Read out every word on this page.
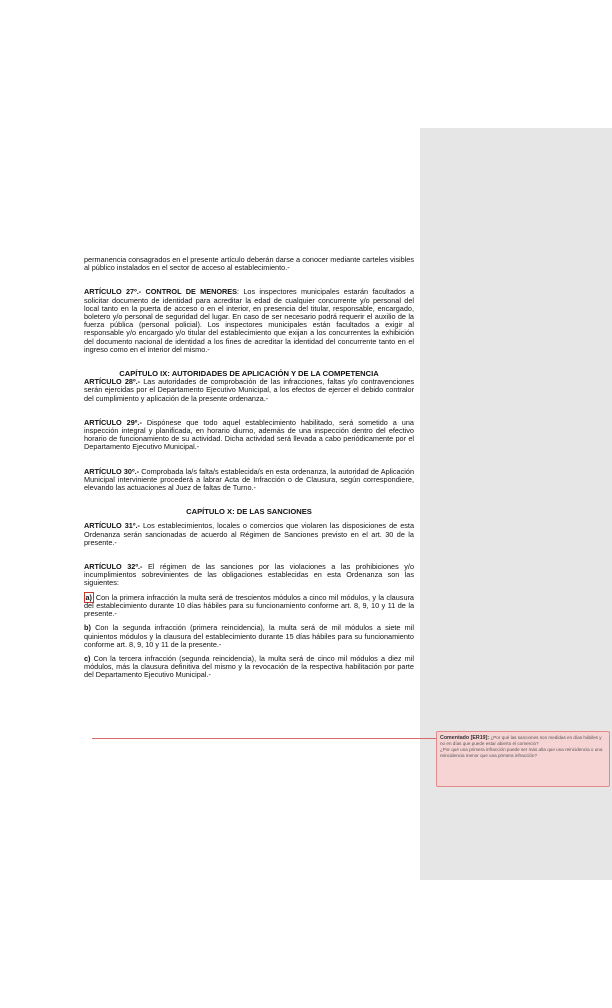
permanencia consagrados en el presente artículo deberán darse a conocer mediante carteles visibles al público instalados en el sector de acceso al establecimiento.-

ARTÍCULO 27º.- CONTROL DE MENORES: Los inspectores municipales estarán facultados a solicitar documento de identidad para acreditar la edad de cualquier concurrente y/o personal del local tanto en la puerta de acceso o en el interior, en presencia del titular, responsable, encargado, boletero y/o personal de seguridad del lugar. En caso de ser necesario podrá requerir el auxilio de la fuerza pública (personal policial). Los inspectores municipales están facultados a exigir al responsable y/o encargado y/o titular del establecimiento que exijan a los concurrentes la exhibición del documento nacional de identidad a los fines de acreditar la identidad del concurrente tanto en el ingreso como en el interior del mismo.-

CAPÍTULO IX: AUTORIDADES DE APLICACIÓN Y DE LA COMPETENCIA

ARTÍCULO 28º.- Las autoridades de comprobación de las infracciones, faltas y/o contravenciones serán ejercidas por el Departamento Ejecutivo Municipal, a los efectos de ejercer el debido contralor del cumplimiento y aplicación de la presente ordenanza.-

ARTÍCULO 29º.- Dispónese que todo aquel establecimiento habilitado, será sometido a una inspección integral y planificada, en horario diurno, además de una inspección dentro del efectivo horario de funcionamiento de su actividad. Dicha actividad será llevada a cabo periódicamente por el Departamento Ejecutivo Municipal.-

ARTÍCULO 30º.- Comprobada la/s falta/s establecida/s en esta ordenanza, la autoridad de Aplicación Municipal interviniente procederá a labrar Acta de Infracción o de Clausura, según correspondiere, elevando las actuaciones al Juez de faltas de Turno.-

CAPÍTULO X: DE LAS SANCIONES

ARTÍCULO 31º.- Los establecimientos, locales o comercios que violaren las disposiciones de esta Ordenanza serán sancionadas de acuerdo al Régimen de Sanciones previsto en el art. 30 de la presente.-

ARTÍCULO 32º.- El régimen de las sanciones por las violaciones a las prohibiciones y/o incumplimientos sobrevinientes de las obligaciones establecidas en esta Ordenanza son las siguientes:

a) Con la primera infracción la multa será de trescientos módulos a cinco mil módulos, y la clausura del establecimiento durante 10 días hábiles para su funcionamiento conforme art. 8, 9, 10 y 11 de la presente.-

b) Con la segunda infracción (primera reincidencia), la multa será de mil módulos a siete mil quinientos módulos y la clausura del establecimiento durante 15 días hábiles para su funcionamiento conforme art. 8, 9, 10 y 11 de la presente.-

c) Con la tercera infracción (segunda reincidencia), la multa será de cinco mil módulos a diez mil módulos, más la clausura definitiva del mismo y la revocación de la respectiva habilitación por parte del Departamento Ejecutivo Municipal.-

Comentado [ER19]: ¿Por qué las sanciones son medidas en días hábiles y no en días que puede estar abierto el comercio?

¿Por qué una primera infracción puede ser más alta que una reincidencia o una reincidencia menor que una primera infracción?
